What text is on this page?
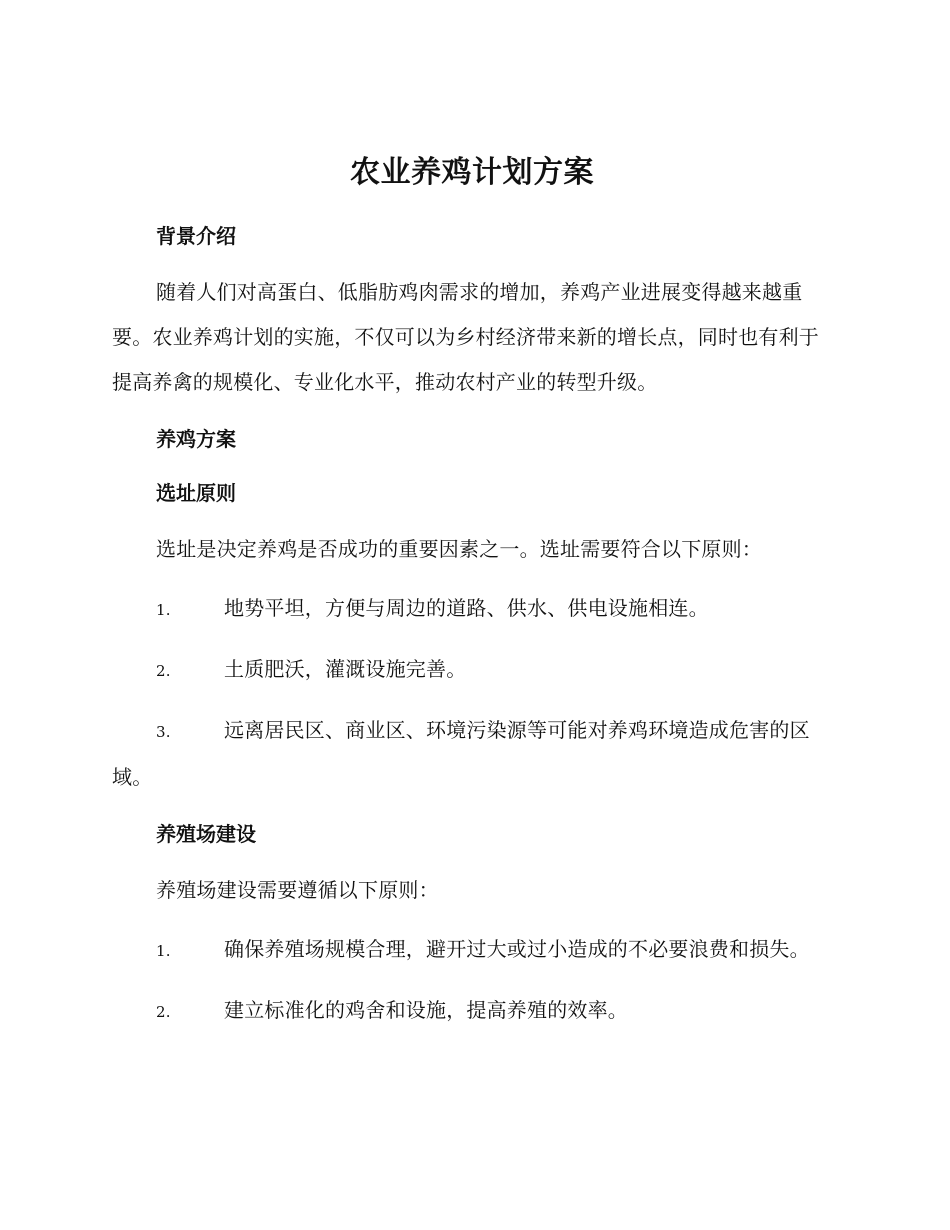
农业养鸡计划方案
背景介绍

随着人们对高蛋白、低脂肪鸡肉需求的增加，养鸡产业进展变得越来越重要。农业养鸡计划的实施，不仅可以为乡村经济带来新的增长点，同时也有利于提高养禽的规模化、专业化水平，推动农村产业的转型升级。

养鸡方案
选址原则

选址是决定养鸡是否成功的重要因素之一。选址需要符合以下原则：

1.	地势平坦，方便与周边的道路、供水、供电设施相连。

2.	土质肥沃，灌溉设施完善。

3.	远离居民区、商业区、环境污染源等可能对养鸡环境造成危害的区域。

养殖场建设

养殖场建设需要遵循以下原则：

1.	确保养殖场规模合理，避开过大或过小造成的不必要浪费和损失。

2.	建立标准化的鸡舍和设施，提高养殖的效率。
